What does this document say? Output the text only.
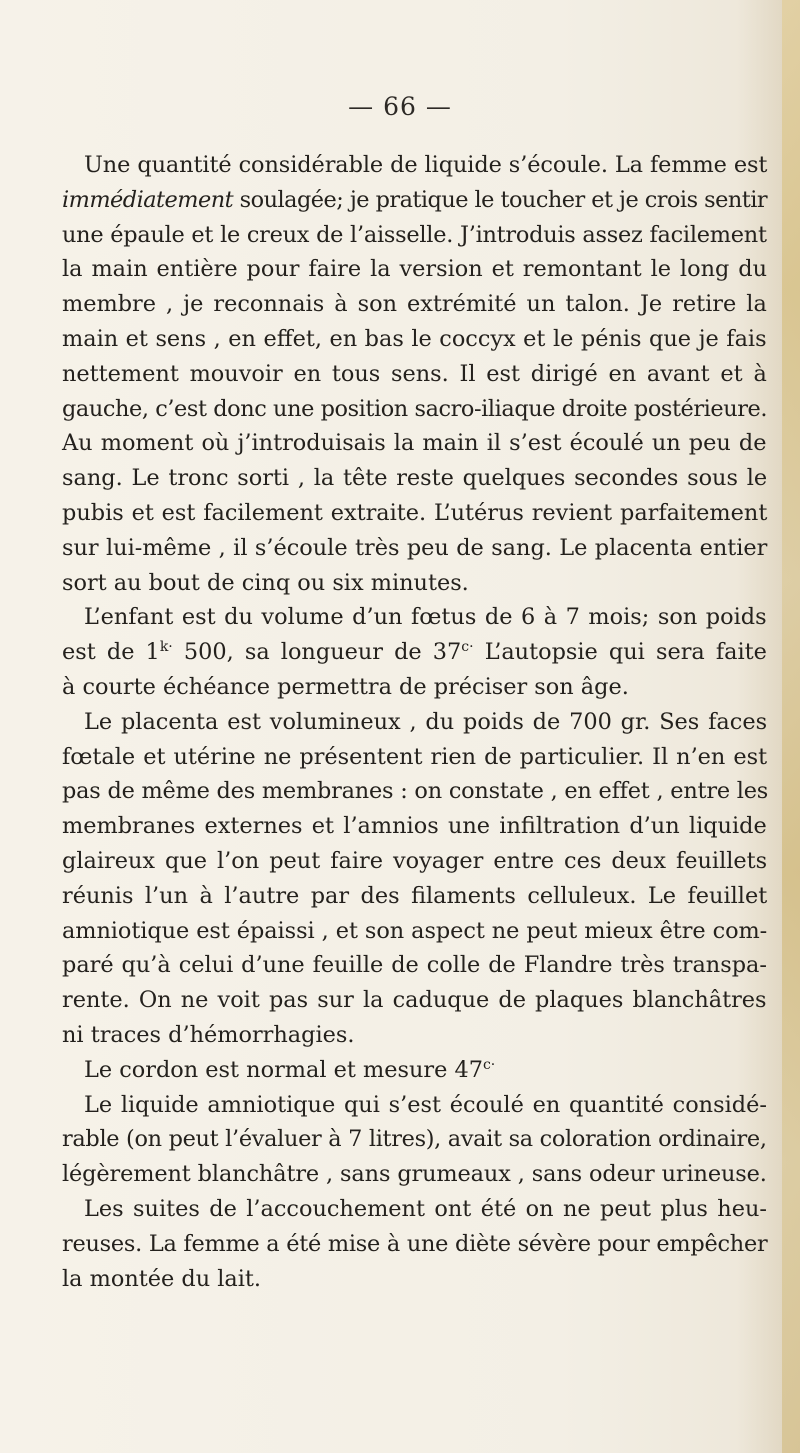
— 66 —
Une quantité considérable de liquide s’écoule. La femme est
immédiatement soulagée; je pratique le toucher et je crois sentir
une épaule et le creux de l’aisselle. J’introduis assez facilement
la main entière pour faire la version et remontant le long du
membre , je reconnais à son extrémité un talon. Je retire la
main et sens , en effet, en bas le coccyx et le pénis que je fais
nettement mouvoir en tous sens. Il est dirigé en avant et à
gauche, c’est donc une position sacro-iliaque droite postérieure.
Au moment où j’introduisais la main il s’est écoulé un peu de
sang. Le tronc sorti , la tête reste quelques secondes sous le
pubis et est facilement extraite. L’utérus revient parfaitement
sur lui-même , il s’écoule très peu de sang. Le placenta entier
sort au bout de cinq ou six minutes.
L’enfant est du volume d’un fœtus de 6 à 7 mois; son poids
est de $1^{k\cdot}$ 500, sa longueur de $37^{c\cdot}$ L’autopsie qui sera faite
à courte échéance permettra de préciser son âge.
Le placenta est volumineux , du poids de 700 gr. Ses faces
fœtale et utérine ne présentent rien de particulier. Il n’en est
pas de même des membranes : on constate , en effet , entre les
membranes externes et l’amnios une infiltration d’un liquide
glaireux que l’on peut faire voyager entre ces deux feuillets
réunis l’un à l’autre par des filaments celluleux. Le feuillet
amniotique est épaissi , et son aspect ne peut mieux être com-
paré qu’à celui d’une feuille de colle de Flandre très transpa-
rente. On ne voit pas sur la caduque de plaques blanchâtres
ni traces d’hémorrhagies.
Le cordon est normal et mesure $47^{c\cdot}$
Le liquide amniotique qui s’est écoulé en quantité considé-
rable (on peut l’évaluer à 7 litres), avait sa coloration ordinaire,
légèrement blanchâtre , sans grumeaux , sans odeur urineuse.
Les suites de l’accouchement ont été on ne peut plus heu-
reuses. La femme a été mise à une diète sévère pour empêcher
la montée du lait.
